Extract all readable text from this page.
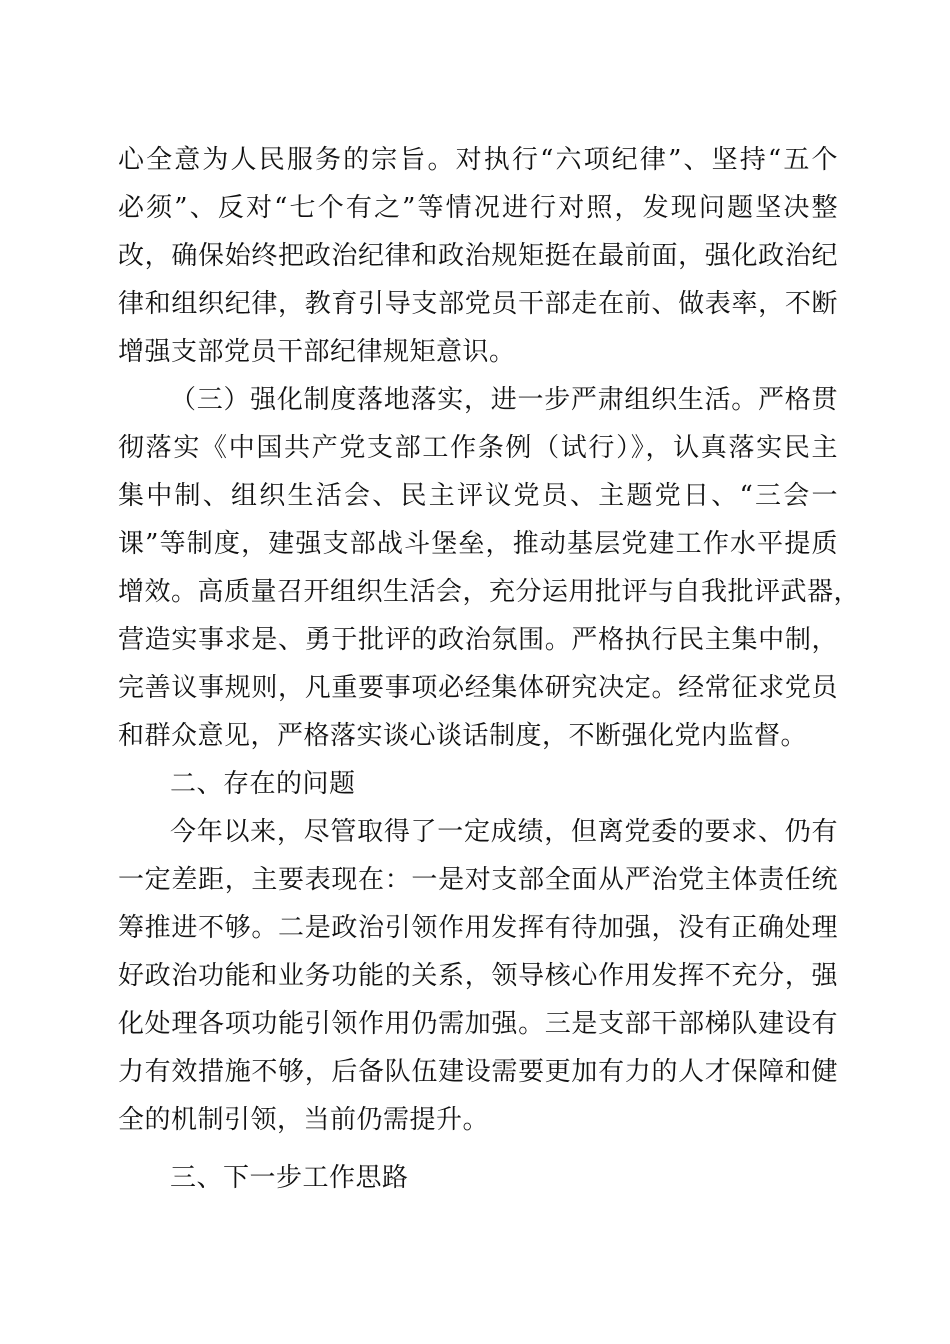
心全意为人民服务的宗旨。对执行“六项纪律”、坚持“五个
必须”、反对“七个有之”等情况进行对照，发现问题坚决整
改，确保始终把政治纪律和政治规矩挺在最前面，强化政治纪
律和组织纪律，教育引导支部党员干部走在前、做表率，不断
增强支部党员干部纪律规矩意识。
（三）强化制度落地落实，进一步严肃组织生活。严格贯
彻落实《中国共产党支部工作条例（试行）》，认真落实民主
集中制、组织生活会、民主评议党员、主题党日、“三会一
课”等制度，建强支部战斗堡垒，推动基层党建工作水平提质
增效。高质量召开组织生活会，充分运用批评与自我批评武器，
营造实事求是、勇于批评的政治氛围。严格执行民主集中制，
完善议事规则，凡重要事项必经集体研究决定。经常征求党员
和群众意见，严格落实谈心谈话制度，不断强化党内监督。
二、存在的问题
今年以来，尽管取得了一定成绩，但离党委的要求、仍有
一定差距，主要表现在：一是对支部全面从严治党主体责任统
筹推进不够。二是政治引领作用发挥有待加强，没有正确处理
好政治功能和业务功能的关系，领导核心作用发挥不充分，强
化处理各项功能引领作用仍需加强。三是支部干部梯队建设有
力有效措施不够，后备队伍建设需要更加有力的人才保障和健
全的机制引领，当前仍需提升。
三、下一步工作思路
